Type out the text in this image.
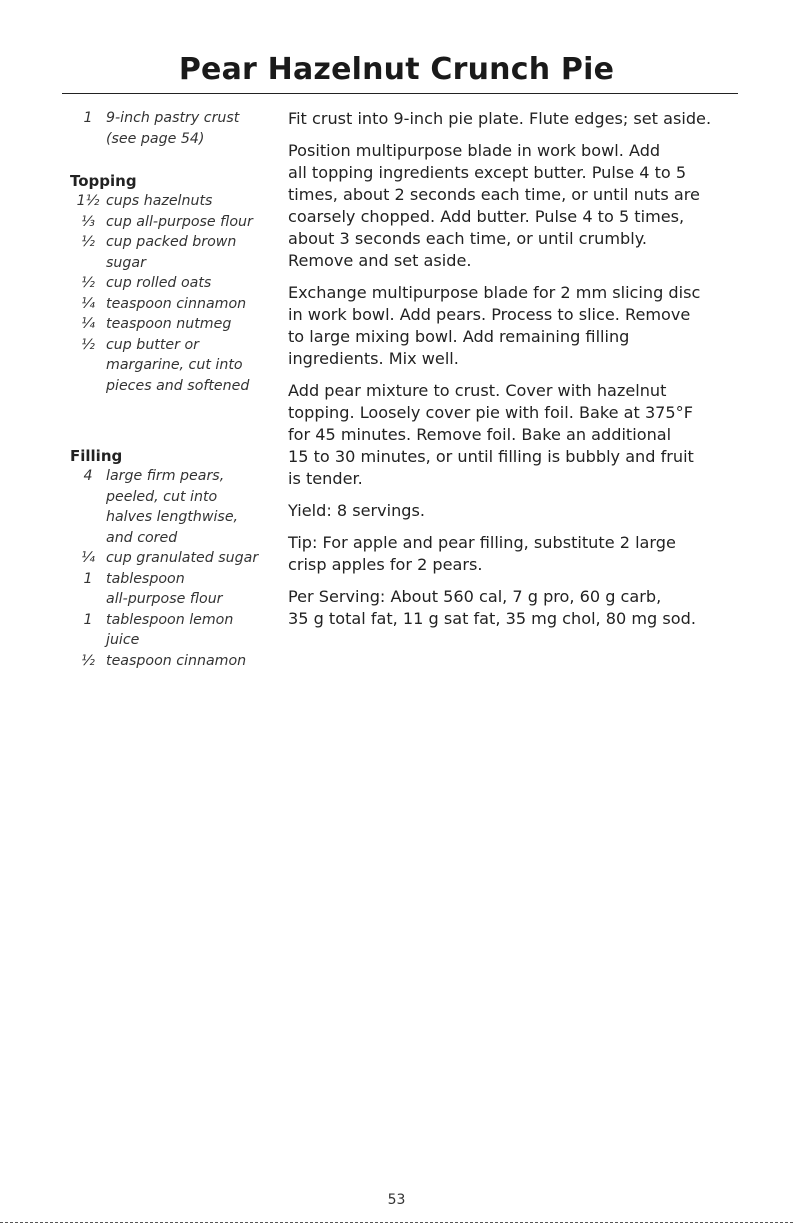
Pear Hazelnut Crunch Pie
1 9-inch pastry crust
(see page 54)
Topping
1½ cups hazelnuts
⅓ cup all-purpose flour
½ cup packed brown
sugar
½ cup rolled oats
¼ teaspoon cinnamon
¼ teaspoon nutmeg
½ cup butter or
margarine, cut into
pieces and softened
Filling
4 large firm pears,
peeled, cut into
halves lengthwise,
and cored
¼ cup granulated sugar
1 tablespoon
all-purpose flour
1 tablespoon lemon
juice
½ teaspoon cinnamon
Fit crust into 9-inch pie plate. Flute edges; set aside.
Position multipurpose blade in work bowl. Add
all topping ingredients except butter. Pulse 4 to 5
times, about 2 seconds each time, or until nuts are
coarsely chopped. Add butter. Pulse 4 to 5 times,
about 3 seconds each time, or until crumbly.
Remove and set aside.
Exchange multipurpose blade for 2 mm slicing disc
in work bowl. Add pears. Process to slice. Remove
to large mixing bowl. Add remaining filling
ingredients. Mix well.
Add pear mixture to crust. Cover with hazelnut
topping. Loosely cover pie with foil. Bake at 375°F
for 45 minutes. Remove foil. Bake an additional
15 to 30 minutes, or until filling is bubbly and fruit
is tender.
Yield: 8 servings.
Tip: For apple and pear filling, substitute 2 large
crisp apples for 2 pears.
Per Serving: About 560 cal, 7 g pro, 60 g carb,
35 g total fat, 11 g sat fat, 35 mg chol, 80 mg sod.
53
